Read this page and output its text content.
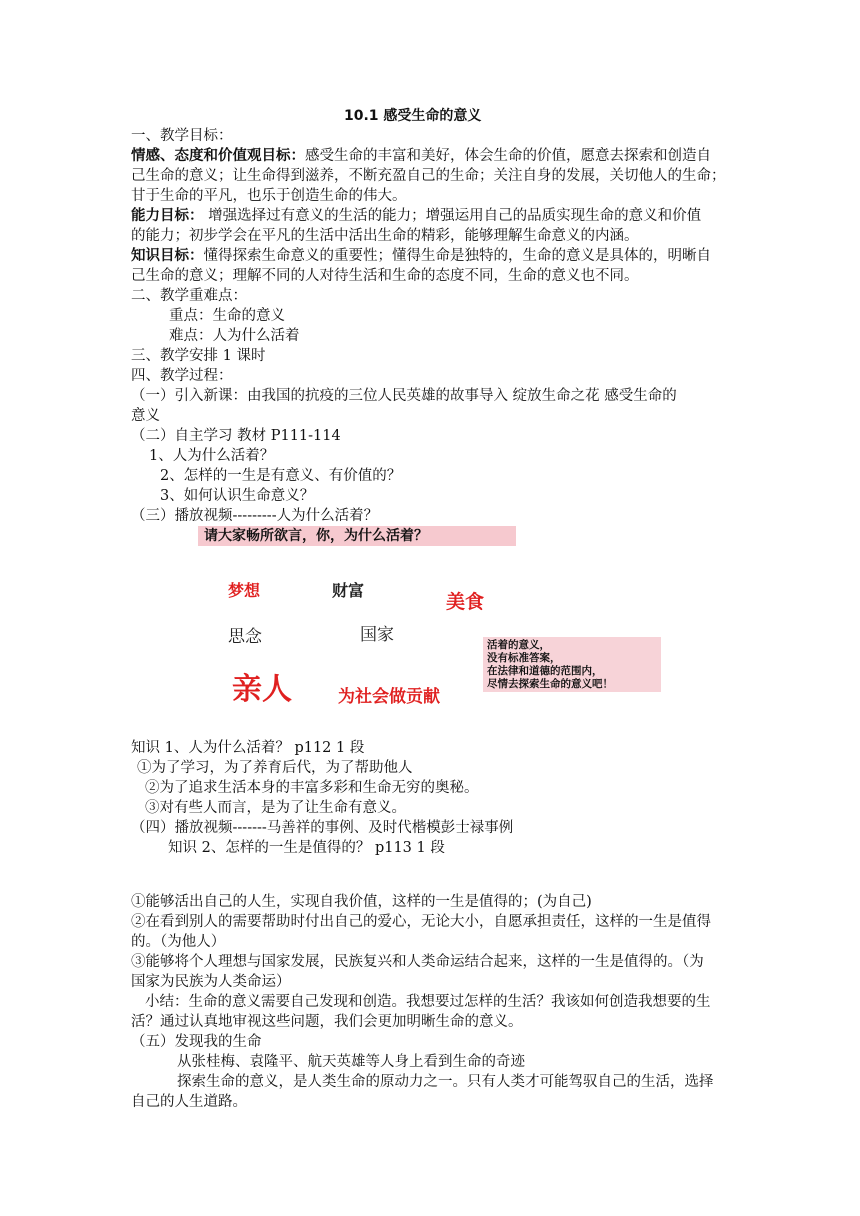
10.1 感受生命的意义
一、教学目标：
情感、态度和价值观目标：感受生命的丰富和美好，体会生命的价值，愿意去探索和创造自
己生命的意义；让生命得到滋养，不断充盈自己的生命；关注自身的发展，关切他人的生命；
甘于生命的平凡，也乐于创造生命的伟大。
能力目标： 增强选择过有意义的生活的能力；增强运用自己的品质实现生命的意义和价值
的能力；初步学会在平凡的生活中活出生命的精彩，能够理解生命意义的内涵。
知识目标：懂得探索生命意义的重要性；懂得生命是独特的，生命的意义是具体的，明晰自
己生命的意义；理解不同的人对待生活和生命的态度不同，生命的意义也不同。
二、教学重难点：
重点：生命的意义
难点：人为什么活着
三、教学安排 1 课时
四、教学过程：
（一）引入新课：由我国的抗疫的三位人民英雄的故事导入 绽放生命之花 感受生命的
意义
（二）自主学习 教材 P111-114
1、人为什么活着？
2、怎样的一生是有意义、有价值的？
3、如何认识生命意义？
（三）播放视频---------人为什么活着？
请大家畅所欲言，你，为什么活着？
梦想	财富
美食
思念	国家
亲人	为社会做贡献
活着的意义，
没有标准答案，
在法律和道德的范围内，
尽情去探索生命的意义吧！
知识 1、人为什么活着？ p112 1 段
①为了学习，为了养育后代，为了帮助他人
②为了追求生活本身的丰富多彩和生命无穷的奥秘。
③对有些人而言，是为了让生命有意义。
（四）播放视频-------马善祥的事例、及时代楷模彭士禄事例
知识 2、怎样的一生是值得的？ p113 1 段
①能够活出自己的人生，实现自我价值，这样的一生是值得的；(为自己)
②在看到别人的需要帮助时付出自己的爱心，无论大小，自愿承担责任，这样的一生是值得
的。（为他人）
③能够将个人理想与国家发展，民族复兴和人类命运结合起来，这样的一生是值得的。（为
国家为民族为人类命运）
小结：生命的意义需要自己发现和创造。我想要过怎样的生活？我该如何创造我想要的生
活？通过认真地审视这些问题，我们会更加明晰生命的意义。
（五）发现我的生命
从张桂梅、袁隆平、航天英雄等人身上看到生命的奇迹
探索生命的意义，是人类生命的原动力之一。只有人类才可能驾驭自己的生活，选择
自己的人生道路。
